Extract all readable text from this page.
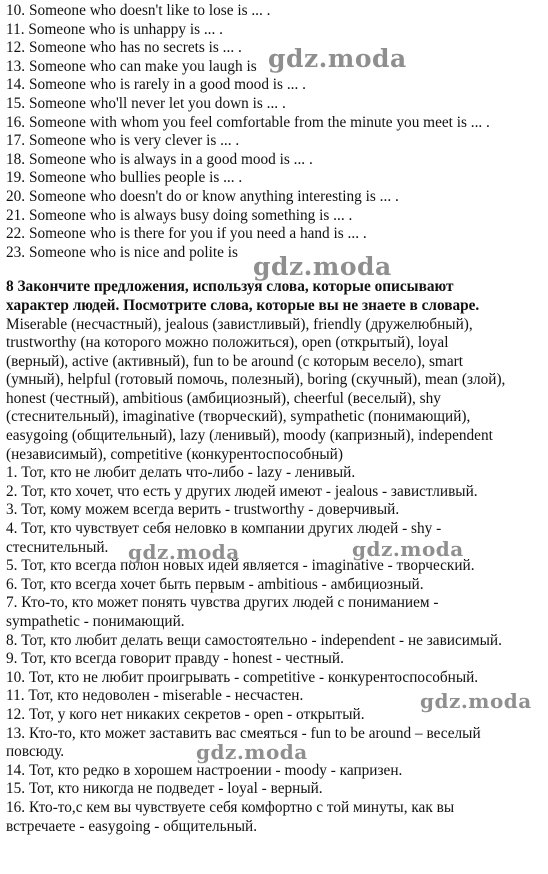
10. Someone who doesn't like to lose is ... .
11. Someone who is unhappy is ... .
12. Someone who has no secrets is ... .
13. Someone who can make you laugh is
14. Someone who is rarely in a good mood is ... .
15. Someone who'll never let you down is ... .
16. Someone with whom you feel comfortable from the minute you meet is ... .
17. Someone who is very clever is ... .
18. Someone who is always in a good mood is ... .
19. Someone who bullies people is ... .
20. Someone who doesn't do or know anything interesting is ... .
21. Someone who is always busy doing something is ... .
22. Someone who is there for you if you need a hand is ... .
23. Someone who is nice and polite is
8 Закончите предложения, используя слова, которые описывают
характер людей. Посмотрите слова, которые вы не знаете в словаре.
Miserable (несчастный), jealous (завистливый), friendly (дружелюбный),
trustworthy (на которого можно положиться), open (открытый), loyal
(верный), active (активный), fun to be around (с которым весело), smart
(умный), helpful (готовый помочь, полезный), boring (скучный), mean (злой),
honest (честный), ambitious (амбициозный), cheerful (веселый), shy
(стеснительный), imaginative (творческий), sympathetic (понимающий),
easygoing (общительный), lazy (ленивый), moody (капризный), independent
(независимый), competitive (конкурентоспособный)
1. Тот, кто не любит делать что-либо - lazy - ленивый.
2. Тот, кто хочет, что есть у других людей имеют - jealous - завистливый.
3. Тот, кому можем всегда верить - trustworthy - доверчивый.
4. Тот, кто чувствует себя неловко в компании других людей - shy -
стеснительный.
5. Тот, кто всегда полон новых идей является - imaginative - творческий.
6. Тот, кто всегда хочет быть первым - ambitious - амбициозный.
7. Кто-то, кто может понять чувства других людей с пониманием -
sympathetic - понимающий.
8. Тот, кто любит делать вещи самостоятельно - independent - не зависимый.
9. Тот, кто всегда говорит правду - honest - честный.
10. Тот, кто не любит проигрывать - competitive - конкурентоспособный.
11. Тот, кто недоволен - miserable - несчастен.
12. Тот, у кого нет никаких секретов - open - открытый.
13. Кто-то, кто может заставить вас смеяться - fun to be around – веселый
повсюду.
14. Тот, кто редко в хорошем настроении - moody - капризен.
15. Тот, кто никогда не подведет - loyal - верный.
16. Кто-то,с кем вы чувствуете себя комфортно с той минуты, как вы
встречаете - easygoing - общительный.
gdz.moda
gdz.moda
gdz.moda	gdz.moda
gdz.moda
gdz.moda
